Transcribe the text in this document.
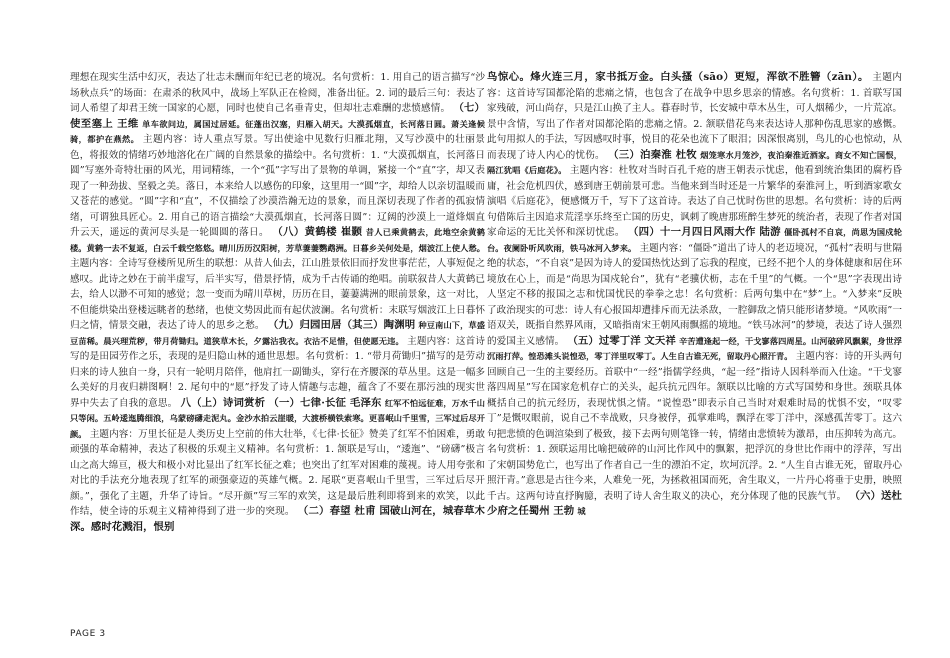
理想在现实生活中幻灭，表达了壮志未酬而年纪已老的境况。名句赏析：1. 用自己的语言描写“沙场秋点兵”的场面：在肃杀的秋风中，战场上军队正在检阅，准备出征。2. 词的最后三句：表达了词人希望了却君王统一国家的心愿，同时也使自己名垂青史，但却壮志难酬的悲愤感情。 （七）使至塞上 王维 单车欲问边，属国过居延。征蓬出汉塞，归雁入胡天。大漠孤烟直，长河落日圆。萧关逢候骑，都护在燕然。 主题内容：诗人重点写景。写出使途中见数行归雁北翔，又写沙漠中的壮丽景色，将报效的情绪巧妙地溶化在广阔的自然景象的描绘中。名句赏析：1. “大漠孤烟直，长河落日圆”写塞外奇特壮丽的风光，用词精练，一个“孤”字写出了景物的单调，紧接一个“直”字，却又表现了一种劲拔、坚毅之美。落日，本来给人以感伤的印象，这里用一“圆”字，却给人以亲切温暖而又苍茫的感觉。“圆”字和“直”，不仅描绘了沙漠浩瀚无边的景象，而且深切表现了作者的孤寂情绪，可谓独具匠心。2. 用自己的语言描绘“大漠孤烟直，长河落日圆”：辽阔的沙漠上一道烽烟直升云天，遥远的黄河尽头是一轮圆圆的落日。 （八）黄鹤楼 崔颢 昔人已乘黄鹤去，此地空余黄鹤楼。黄鹤一去不复返，白云千载空悠悠。晴川历历汉阳树，芳草萋萋鹦鹉洲。日暮乡关何处是，烟波江上使人愁。 主题内容：全诗写登楼所见所生的联想：从昔人仙去，江山胜景依旧而抒发世事茫茫，人事短促之感叹。此诗之妙在于前半虚写，后半实写，借景抒情，成为千古传诵的绝唱。前联叙昔人大黄鹤已去，给人以渺不可知的感觉；忽一变而为晴川草树，历历在目，萋萋满洲的眼前景象，这一对比，不但能烘染出登楼远眺者的愁绪，也使文势因此而有起伏波澜。名句赏析：末联写烟波江上日暮怀归之情，情景交融，表达了诗人的思乡之愁。 （九）归园田居（其三）陶渊明 种豆南山下，草盛豆苗稀。晨兴理荒秽，带月荷锄归。道狭草木长，夕露沾我衣。衣沾不足惜，但使愿无违。 主题内容：这首诗写的是田园劳作之乐，表现的是归隐山林的通世思想。名句赏析：1. “带月荷锄归”描写的是劳动归来的诗人独自一身，只有一轮明月陪伴，他肩扛一副锄头，穿行在齐腰深的草丛里。这是一幅多么美好的月夜归耕图啊！2. 尾句中的“愿”抒发了诗人情趣与志趣，蕴含了不要在那污浊的现实世界中失去了自我的意思。 八（上）诗词赏析 （一）七律·长征 毛泽东 红军不怕远征难，万水千山只等闲。五岭逶迤腾细浪，乌蒙磅礴走泥丸。金沙水拍云崖暖，大渡桥横铁索寒。更喜岷山千里雪，三军过后尽开颜。 主题内容：万里长征是人类历史上空前的伟大壮举，《七律·长征》赞美了红军不怕困难，勇敢顽强的革命精神，表达了积极的乐观主义精神。名句赏析：1. 颔联是写山，“逶迤”、“磅礴”极言山之高大绵亘，极大和极小对比显出了红军长征之难；也突出了红军对困难的蔑视。诗人用夸张和对比的手法充分地表现了红军的顽强豪迈的英雄气概。2. 尾联“更喜岷山千里雪，三军过后尽开颜。”，强化了主题，升华了诗旨。“尽开颜”写三军的欢笑，这是最后胜利即将到来的欢笑，以此作结，使全诗的乐观主义精神得到了进一步的突现。 （二）春望 杜甫 国破山河在，城春草木深。感时花溅泪，恨别

鸟惊心。烽火连三月，家书抵万金。白头搔（sāo）更短，浑欲不胜簪（zān）。 主题内容：这首诗写国都沦陷的悲痛之情，也包含了在战争中思乡思亲的情感。名句赏析：1. 首联写国家残破，河山尚存，只是江山换了主人。暮春时节，长安城中草木丛生，可人烟稀少，一片荒凉。景中含情，写出了作者对国都沦陷的悲痛之情。2. 颔联借花鸟来表达诗人那种伤乱思家的感慨。此句用拟人的手法，写因感叹时事，悦目的花朵也流下了眼泪；因深恨离别，鸟儿的心也惊动，从而表现了诗人内心的忧伤。 （三）泊秦淮 杜牧 烟笼寒水月笼沙，夜泊秦淮近酒家。商女不知亡国恨，隔江犹唱《后庭花》。 主题内容：杜牧对当时百孔千疮的唐王朝表示忧虑，他看到统治集团的腐朽昏庸，社会危机四伏，感到唐王朝前景可悲。当他来到当时还是一片繁华的秦淮河上，听到酒家歌女演唱《后庭花》，便感慨万千，写下了这首诗。表达了自己忧时伤世的思想。名句赏析：诗的后两句借陈后主因追求荒淫享乐终至亡国的历史，讽刺了晚唐那班醉生梦死的统治者，表现了作者对国家命运的无比关怀和深切忧虑。 （四）十一月四日风雨大作 陆游 僵卧孤村不自哀，尚思为国戍轮台。夜阑卧听风吹雨，铁马冰河入梦来。 主题内容：“僵卧”道出了诗人的老迈境况，“孤村”表明与世隔绝的状态，“不自哀”是因为诗人的爱国热忱达到了忘我的程度，已经不把个人的身体健康和居住环境放在心上，而是“尚思为国戍轮台”，犹有“老骥伏枥，志在千里”的气概。一个“思”字表现出诗人坚定不移的报国之志和忧国忧民的拳拳之忠！名句赏析：后两句集中在“梦”上。“入梦来”反映了政治现实的可悲：诗人有心报国却遭排斥而无法杀敌，一腔御敌之情只能形诸梦境。“风吹雨”一语双关，既指自然界风雨，又暗指南宋王朝风雨飘摇的境地。“铁马冰河”的梦境，表达了诗人强烈的爱国主义感情。 （五）过零丁洋 文天祥 辛苦遭逢起一经，干戈寥落四周星。山河破碎风飘絮，身世浮沉雨打萍。惶恐滩头说惶恐，零丁洋里叹零丁。人生自古谁无死，留取丹心照汗青。 主题内容：诗的开头两句回顾自己一生的主要经历。首联中“一经”指儒学经典，“起一经”指诗人因科举而入仕途。“干戈寥落四周星”写在国家危机存亡的关头，起兵抗元四年。颔联以比喻的方式写国势和身世。颈联具体概括自己的抗元经历，表现忧惧之情。“说惶恐”即表示自己当时对艰难时局的忧惧不安，“叹零丁”是慨叹眼前，说自己不幸战败，只身被俘，孤掌难鸣，飘浮在零丁洋中，深感孤苦零丁。这六句把悲愤的色调渲染到了极致，接下去两句则笔锋一转，情绪由悲愤转为激昂，由压抑转为高亢。 名句赏析：1. 颈联运用比喻把破碎的山河比作风中的飘絮，把浮沉的身世比作雨中的浮萍，写出了宋朝国势危亡，也写出了作者自己一生的漂泊不定，坎坷沉浮。2. “人生自古谁无死，留取丹心照汗青。”意思是古往今来，人难免一死，为拯救祖国而死，舍生取义，一片丹心将垂于史册，映照千古。这两句诗直抒胸臆，表明了诗人舍生取义的决心，充分体现了他的民族气节。 （六）送杜少府之任蜀州 王勃 城

PAGE 3
